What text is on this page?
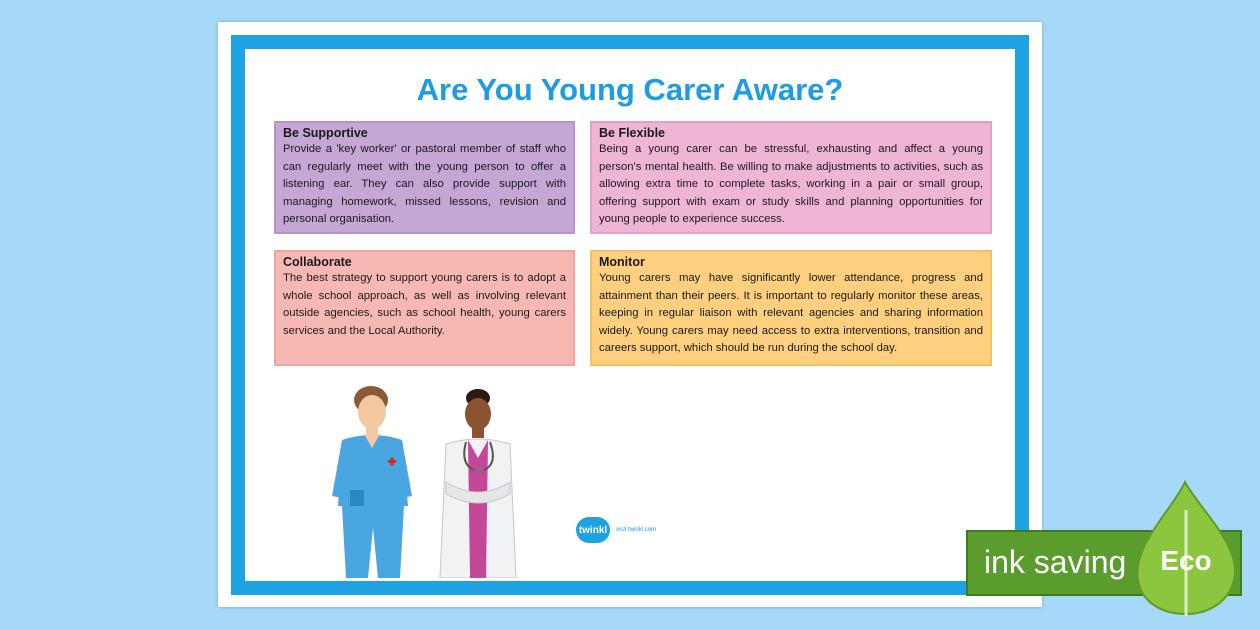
Are You Young Carer Aware?
Be Supportive

Provide a 'key worker' or pastoral member of staff who can regularly meet with the young person to offer a listening ear. They can also provide support with managing homework, missed lessons, revision and personal organisation.

Be Flexible

Being a young carer can be stressful, exhausting and affect a young person's mental health. Be willing to make adjustments to activities, such as allowing extra time to complete tasks, working in a pair or small group, offering support with exam or study skills and planning opportunities for young people to experience success.

Collaborate

The best strategy to support young carers is to adopt a whole school approach, as well as involving relevant outside agencies, such as school health, young carers services and the Local Authority.

Monitor

Young carers may have significantly lower attendance, progress and attainment than their peers. It is important to regularly monitor these areas, keeping in regular liaison with relevant agencies and sharing information widely. Young carers may need access to extra interventions, transition and careers support, which should be run during the school day.

twinkl	visit twinkl.com
ink saving Eco
